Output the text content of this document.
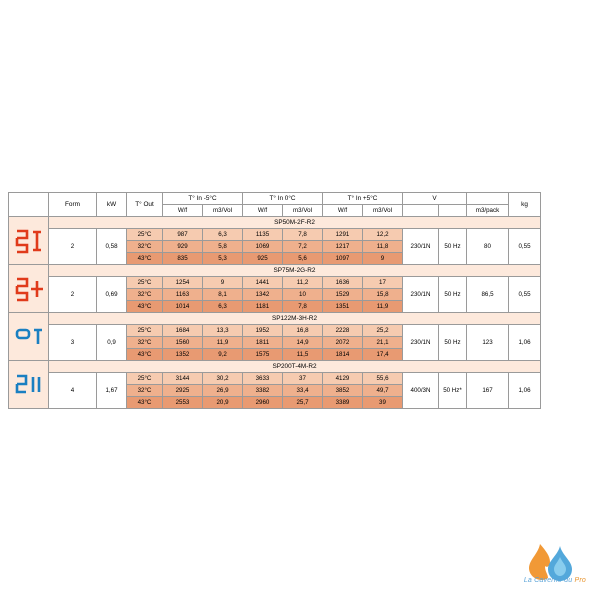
	Form	kW	T° Out	T° In -5°C		T° In 0°C		T° In +5°C		V			kg
				W/f	m3/Vol	W/f	m3/Vol	W/f	m3/Vol			m3/pack	

	SP50M-2F-R2												
	2	0,58	25°C	987	6,3	1135	7,8	1291	12,2	230/1N	50 Hz	80	0,55
			32°C	929	5,8	1069	7,2	1217	11,8				
			43°C	835	5,3	925	5,6	1097	9				

	SP75M-2G-R2												
	2	0,69	25°C	1254	9	1441	11,2	1636	17	230/1N	50 Hz	86,5	0,55
			32°C	1163	8,1	1342	10	1529	15,8				
			43°C	1014	6,3	1181	7,8	1351	11,9				

	SP122M-3H-R2												
	3	0,9	25°C	1684	13,3	1952	16,8	2228	25,2	230/1N	50 Hz	123	1,06
			32°C	1560	11,9	1811	14,9	2072	21,1				
			43°C	1352	9,2	1575	11,5	1814	17,4				

	SP200T-4M-R2												
	4	1,67	25°C	3144	30,2	3633	37	4129	55,6	400/3N	50 Hz*	167	1,06
			32°C	2925	26,9	3382	33,4	3852	49,7				
			43°C	2553	20,9	2960	25,7	3389	39				
La Caverne du Pro
